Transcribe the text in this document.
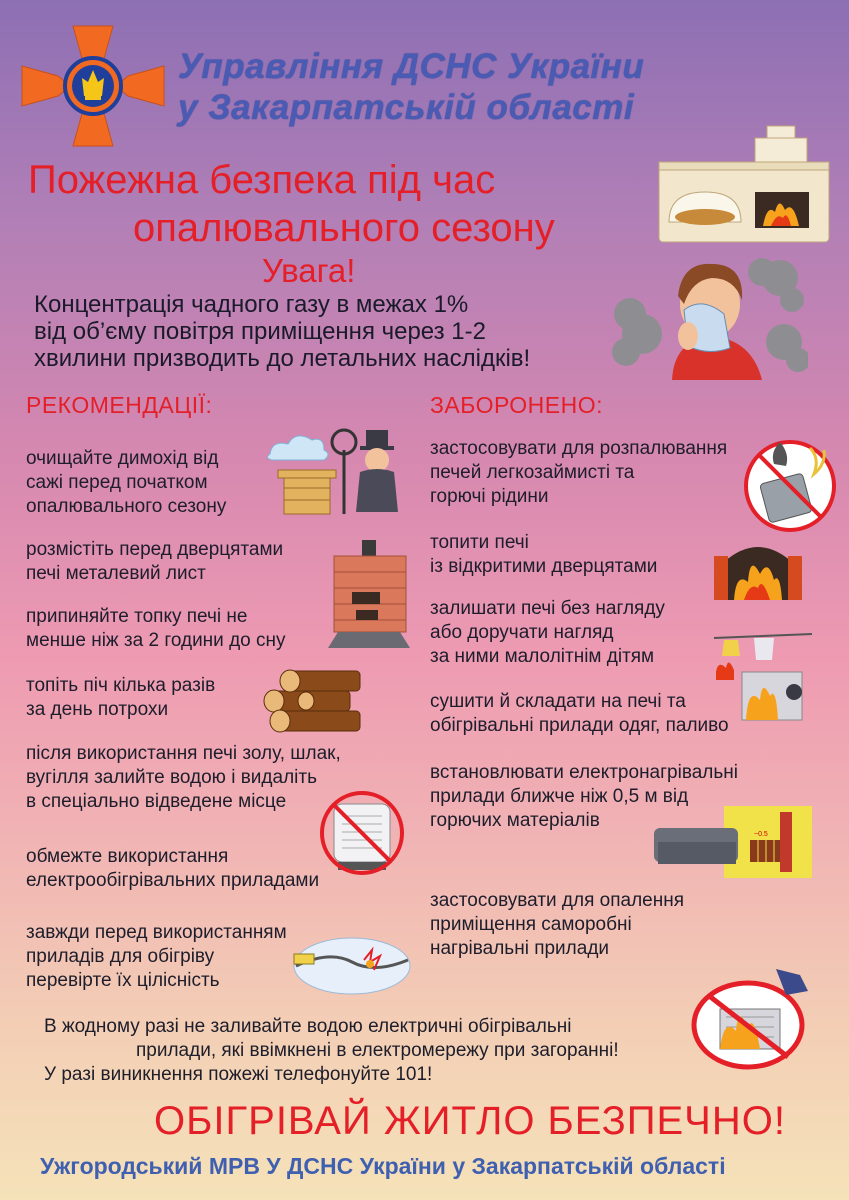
Управління ДСНС України
у Закарпатській області
Пожежна безпека під час
опалювального сезону
Увага!
Концентрація чадного газу в межах 1%
від об’єму повітря приміщення через 1-2
хвилини призводить до летальних наслідків!
РЕКОМЕНДАЦІЇ:	ЗАБОРОНЕНО:
очищайте димохід від
сажі перед початком
опалювального сезону
розмістіть перед дверцятами
печі металевий лист
припиняйте топку печі не
менше ніж за 2 години до сну
топіть піч кілька разів
за день потрохи
після використання печі золу, шлак,
вугілля залийте водою і видаліть
в спеціально відведене місце
обмежте використання
електрообігрівальних приладами
завжди перед використанням
приладів для обігріву
перевірте їх цілісність
застосовувати для розпалювання
печей легкозаймисті та
горючі рідини
топити печі
із відкритими дверцятами
залишати печі без нагляду
або доручати нагляд
за ними малолітнім дітям
сушити й складати на печі та
обігрівальні прилади одяг, паливо
встановлювати електронагрівальні
прилади ближче ніж 0,5 м від
горючих матеріалів
застосовувати для опалення
приміщення саморобні
нагрівальні прилади
~0.5
В жодному разі не заливайте водою електричні обігрівальні
прилади, які ввімкнені в електромережу при загоранні!
У разі виникнення пожежі телефонуйте 101!
ОБІГРІВАЙ ЖИТЛО БЕЗПЕЧНО!
Ужгородський МРВ У ДСНС України у Закарпатській області
